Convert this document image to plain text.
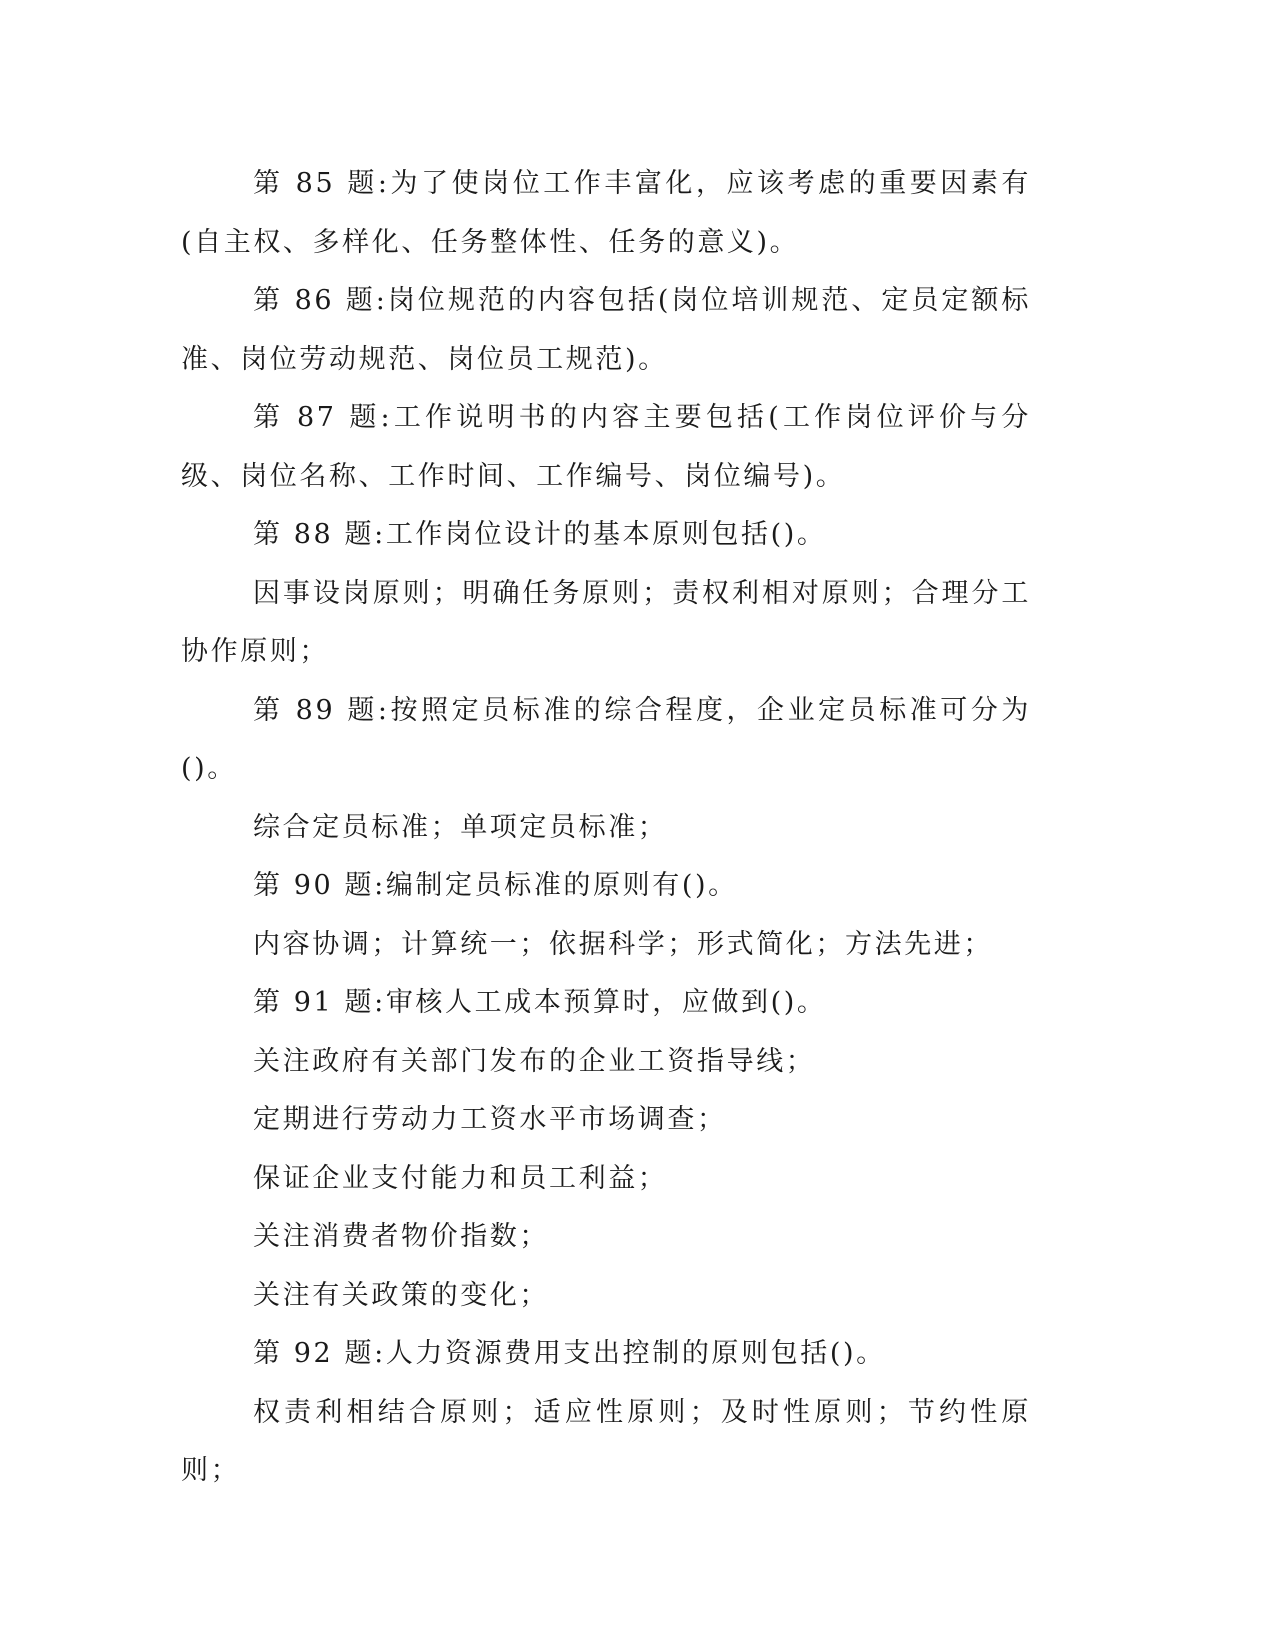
第 85 题:为了使岗位工作丰富化，应该考虑的重要因素有(自主权、多样化、任务整体性、任务的意义)。

第 86 题:岗位规范的内容包括(岗位培训规范、定员定额标准、岗位劳动规范、岗位员工规范)。

第 87 题:工作说明书的内容主要包括(工作岗位评价与分级、岗位名称、工作时间、工作编号、岗位编号)。

第 88 题:工作岗位设计的基本原则包括()。

因事设岗原则；明确任务原则；责权利相对原则；合理分工协作原则；

第 89 题:按照定员标准的综合程度，企业定员标准可分为()。

综合定员标准；单项定员标准；

第 90 题:编制定员标准的原则有()。

内容协调；计算统一；依据科学；形式简化；方法先进；

第 91 题:审核人工成本预算时，应做到()。

关注政府有关部门发布的企业工资指导线；

定期进行劳动力工资水平市场调查；

保证企业支付能力和员工利益；

关注消费者物价指数；

关注有关政策的变化；

第 92 题:人力资源费用支出控制的原则包括()。

权责利相结合原则；适应性原则；及时性原则；节约性原则；
